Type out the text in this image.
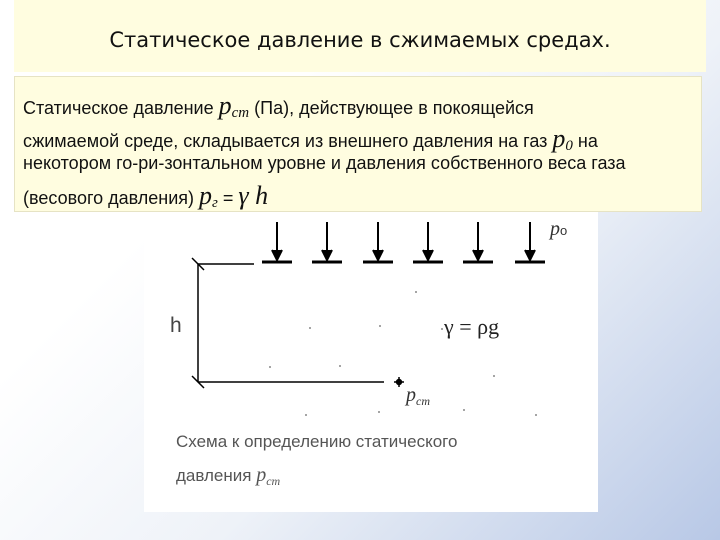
Статическое давление в сжимаемых средах.
Статическое давление pст (Па), действующее в покоящейся
сжимаемой среде, складывается из внешнего давления на газ p0 на
некотором го-ри-зонтальном уровне и давления собственного веса газа
(весового давления) pг = γ h
pо
h	γ = ρg
$p_{ст}$
Схема к определению статического
давления $p_{ст}$
